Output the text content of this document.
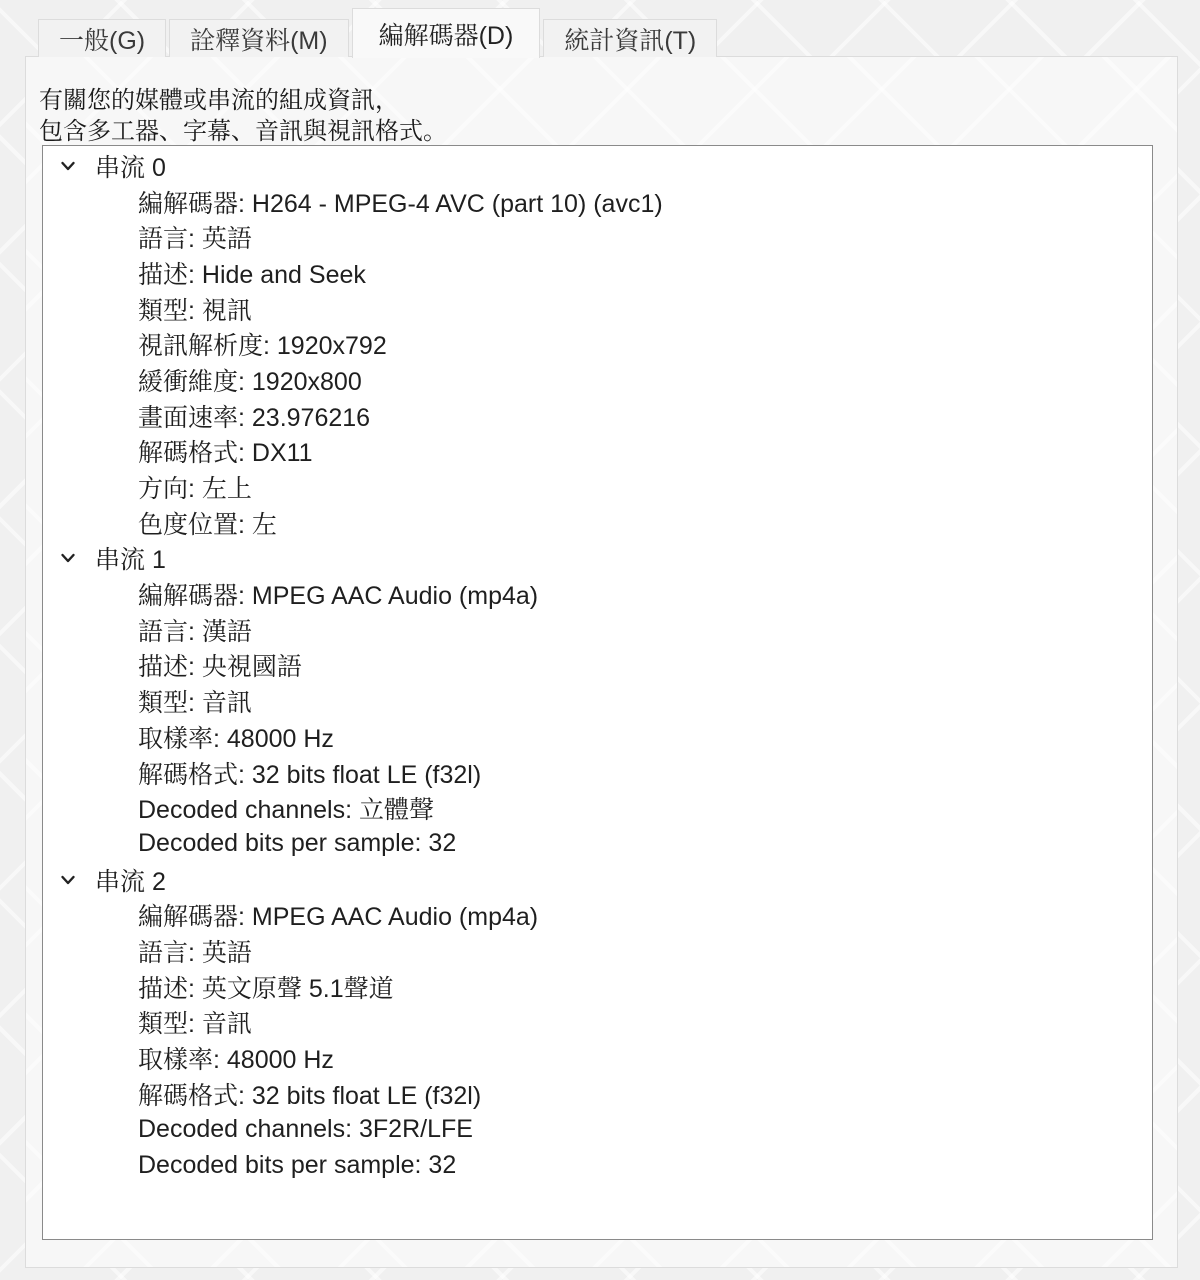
一般(G)	詮釋資料(M)	編解碼器(D)	統計資訊(T)
有關您的媒體或串流的組成資訊，
包含多工器、字幕、音訊與視訊格式。
串流 0
編解碼器: H264 - MPEG-4 AVC (part 10) (avc1)
語言: 英語
描述: Hide and Seek
類型: 視訊
視訊解析度: 1920x792
緩衝維度: 1920x800
畫面速率: 23.976216
解碼格式: DX11
方向: 左上
色度位置: 左
串流 1
編解碼器: MPEG AAC Audio (mp4a)
語言: 漢語
描述: 央視國語
類型: 音訊
取樣率: 48000 Hz
解碼格式: 32 bits float LE (f32l)
Decoded channels: 立體聲
Decoded bits per sample: 32
串流 2
編解碼器: MPEG AAC Audio (mp4a)
語言: 英語
描述: 英文原聲 5.1聲道
類型: 音訊
取樣率: 48000 Hz
解碼格式: 32 bits float LE (f32l)
Decoded channels: 3F2R/LFE
Decoded bits per sample: 32
